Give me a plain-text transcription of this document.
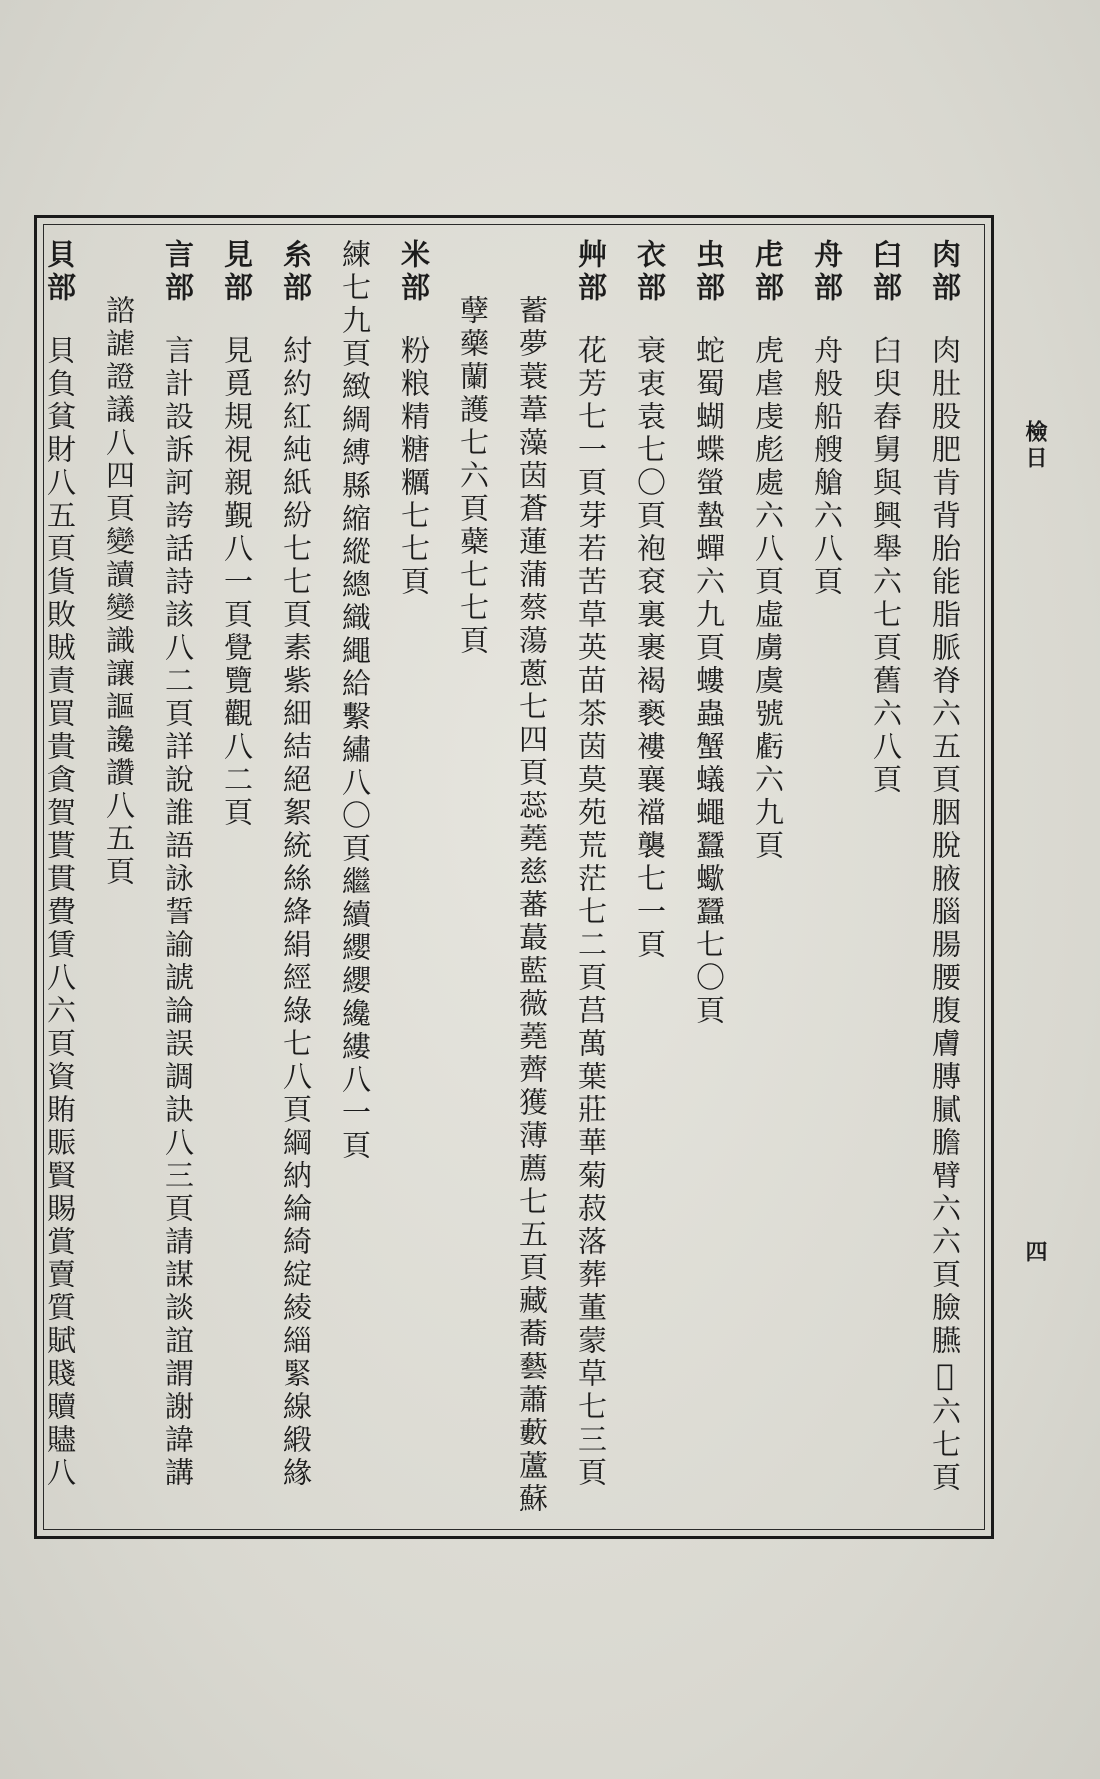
檢日
四
肉部肉肚股肥肯背胎能脂脈脊六五頁胭脫腋腦腸腰腹膚膞膩膽臂六六頁臉臙𦡊六七頁
臼部臼臾舂舅與興舉六七頁舊六八頁
舟部舟般船艘艙六八頁
虍部虎虐虔彪處六八頁虛虜虞號虧六九頁
虫部蛇蜀蝴蝶螢蟄蟬六九頁螻蟲蟹蟻蠅蠶蠍蠶七〇頁
衣部衰衷袁七〇頁袍袞裏裹褐褻褸襄襠襲七一頁
艸部花芳七一頁芽若苦草英苗茶茵莫苑荒茫七二頁莒萬葉莊華菊菽落葬董蒙草七三頁
蓄夢蓑葦藻茵蒼蓮蒲蔡蕩蔥七四頁蕊蕘慈蕃蕞藍薇蕘薺獲薄薦七五頁藏蕎藝蕭藪蘆蘇
孽藥蘭護七六頁蘗七七頁
米部粉粮精糖糲七七頁
練七九頁緻綢縛縣縮縱總織繩給繫繡八〇頁繼續纓纓纔縷八一頁
糸部紂約紅純紙紛七七頁素紫細結絕絮統絲絳絹經綠七八頁綱納綸綺綻綾緇緊線緞緣
見部見覓規視親覲八一頁覺覽觀八二頁
言部言計設訴訶誇話詩該八二頁詳說誰語詠誓諭諕論誤調訣八三頁請謀談誼謂謝諱講
諮謔證議八四頁變讀變識讓謳讒讚八五頁
貝部貝負貧財八五頁貨敗賊責買貴貪賀貰貫費賃八六頁資賄賑賢賜賞賣質賦賤贖贐八
